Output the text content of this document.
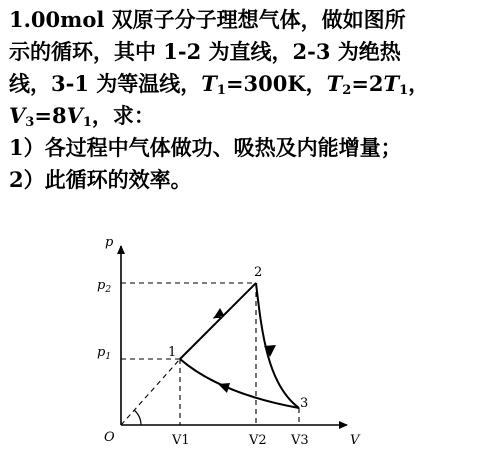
1.00mol 双原子分子理想气体，做如图所
示的循环，其中 1-2 为直线，2-3 为绝热
线，3-1 为等温线，$T_1=300K$，$T_2=2T_1$，
$V_3=8V_1$，求：
1）各过程中气体做功、吸热及内能增量；
2）此循环的效率。
p
V
O
$p_2$
$p_1$
V1	V2 V3
1
2
3
